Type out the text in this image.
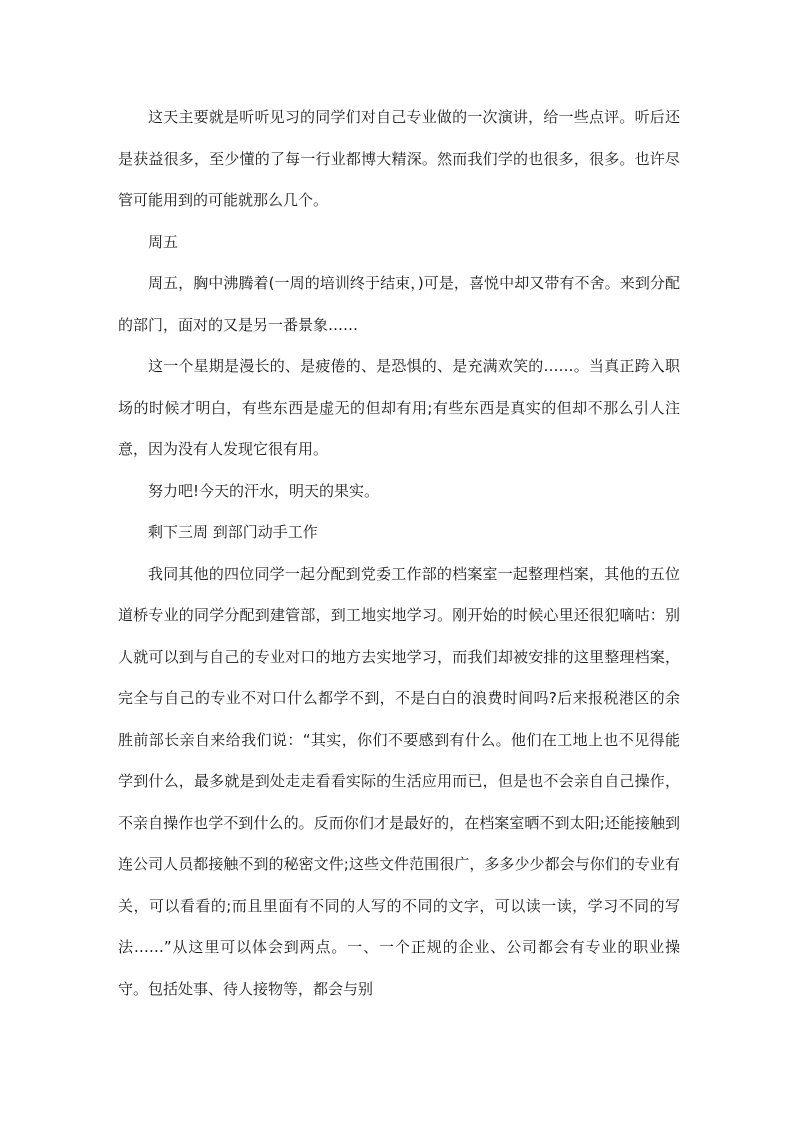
这天主要就是听听见习的同学们对自己专业做的一次演讲，给一些点评。听后还是获益很多，至少懂的了每一行业都博大精深。然而我们学的也很多，很多。也许尽管可能用到的可能就那么几个。

周五

周五，胸中沸腾着(一周的培训终于结束，)可是，喜悦中却又带有不舍。来到分配的部门，面对的又是另一番景象……

这一个星期是漫长的、是疲倦的、是恐惧的、是充满欢笑的……。当真正跨入职场的时候才明白，有些东西是虚无的但却有用;有些东西是真实的但却不那么引人注意，因为没有人发现它很有用。

努力吧!今天的汗水，明天的果实。

剩下三周 到部门动手工作

我同其他的四位同学一起分配到党委工作部的档案室一起整理档案，其他的五位道桥专业的同学分配到建管部，到工地实地学习。刚开始的时候心里还很犯嘀咕：别人就可以到与自己的专业对口的地方去实地学习，而我们却被安排的这里整理档案，完全与自己的专业不对口什么都学不到，不是白白的浪费时间吗?后来报税港区的余胜前部长亲自来给我们说：“其实，你们不要感到有什么。他们在工地上也不见得能学到什么，最多就是到处走走看看实际的生活应用而已，但是也不会亲自自己操作，不亲自操作也学不到什么的。反而你们才是最好的，在档案室晒不到太阳;还能接触到连公司人员都接触不到的秘密文件;这些文件范围很广，多多少少都会与你们的专业有关，可以看看的;而且里面有不同的人写的不同的文字，可以读一读，学习不同的写法……”从这里可以体会到两点。一、一个正规的企业、公司都会有专业的职业操守。包括处事、待人接物等，都会与别
